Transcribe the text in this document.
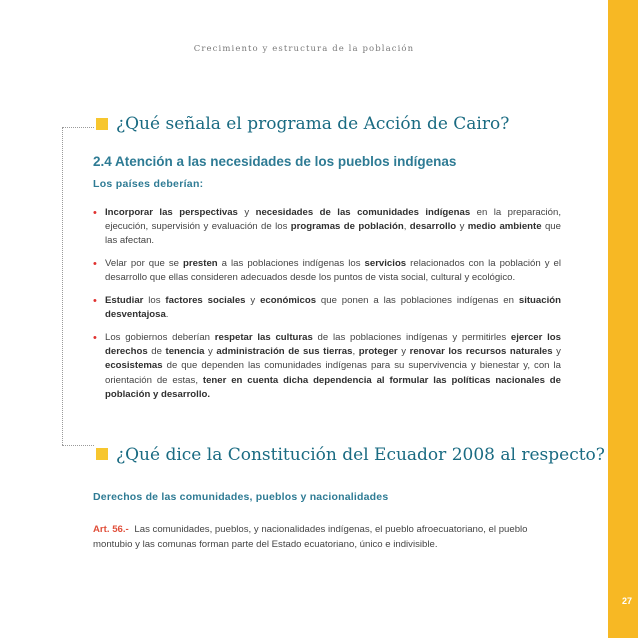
27
Crecimiento y estructura de la población
¿Qué señala el programa de Acción de Cairo?
2.4 Atención a las necesidades de los pueblos indígenas
Los países deberían:
• Incorporar las perspectivas y necesidades de las comunidades indígenas en la preparación, ejecución, supervisión y evaluación de los programas de población, desarrollo y medio ambiente que las afectan.
• Velar por que se presten a las poblaciones indígenas los servicios relacionados con la población y el desarrollo que ellas consideren adecuados desde los puntos de vista social, cultural y ecológico.
• Estudiar los factores sociales y económicos que ponen a las poblaciones indígenas en situación desventajosa.
• Los gobiernos deberían respetar las culturas de las poblaciones indígenas y permitirles ejercer los derechos de tenencia y administración de sus tierras, proteger y renovar los recursos naturales y ecosistemas de que dependen las comunidades indígenas para su supervivencia y bienestar y, con la orientación de estas, tener en cuenta dicha dependencia al formular las políticas nacionales de población y desarrollo.
¿Qué dice la Constitución del Ecuador 2008 al respecto?
Derechos de las comunidades, pueblos y nacionalidades
Art. 56.- Las comunidades, pueblos, y nacionalidades indígenas, el pueblo afroecuatoriano, el pueblo montubio y las comunas forman parte del Estado ecuatoriano, único e indivisible.
